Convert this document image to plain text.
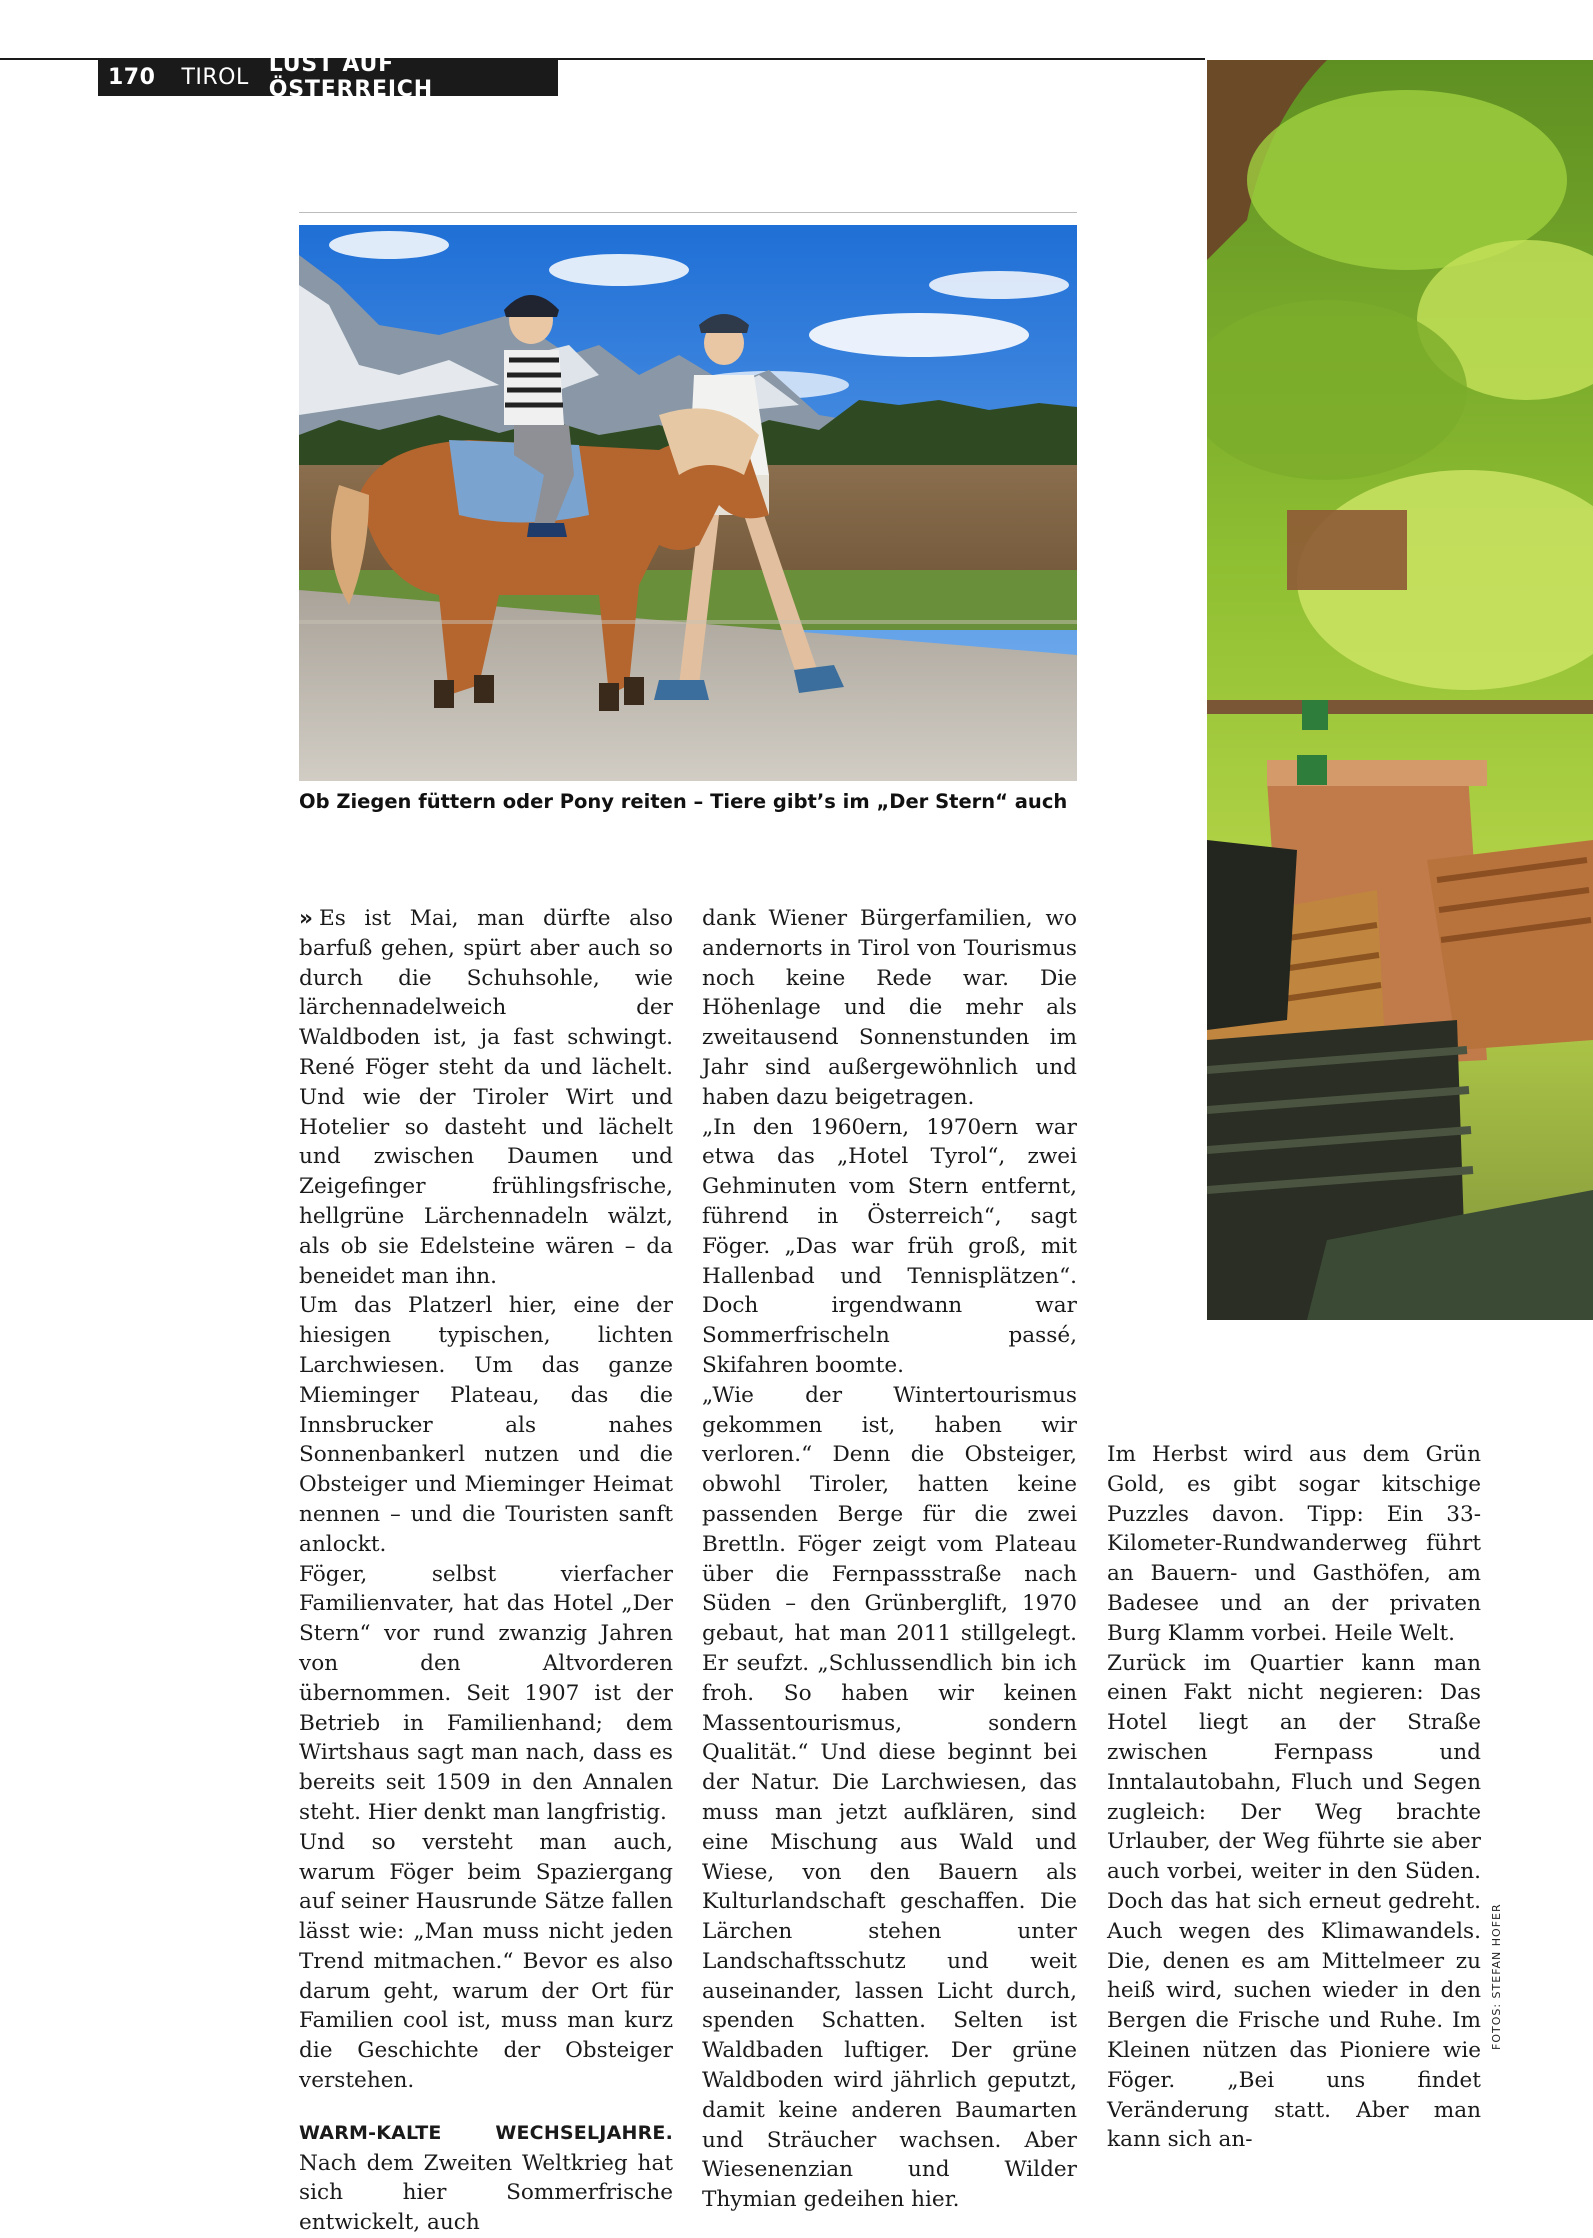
170	TIROL LUST AUF ÖSTERREICH
Ob Ziegen füttern oder Pony reiten – Tiere gibt’s im „Der Stern“ auch

» Es ist Mai, man dürfte also barfuß gehen, spürt aber auch so durch die Schuhsohle, wie lärchennadelweich der Waldboden ist, ja fast schwingt. René Föger steht da und lächelt. Und wie der Tiroler Wirt und Hotelier so dasteht und lächelt und zwischen Daumen und Zeigefinger frühlingsfrische, hellgrüne Lärchennadeln wälzt, als ob sie Edelsteine wären – da beneidet man ihn.

Um das Platzerl hier, eine der hiesigen typischen, lichten Larchwiesen. Um das ganze Mieminger Plateau, das die Innsbrucker als nahes Sonnenbankerl nutzen und die Obsteiger und Mieminger Heimat nennen – und die Touristen sanft anlockt.

Föger, selbst vierfacher Familienvater, hat das Hotel „Der Stern“ vor rund zwanzig Jahren von den Altvorderen übernommen. Seit 1907 ist der Betrieb in Familienhand; dem Wirtshaus sagt man nach, dass es bereits seit 1509 in den Annalen steht. Hier denkt man langfristig.

Und so versteht man auch, warum Föger beim Spaziergang auf seiner Hausrunde Sätze fallen lässt wie: „Man muss nicht jeden Trend mitmachen.“ Bevor es also darum geht, warum der Ort für Familien cool ist, muss man kurz die Geschichte der Obsteiger verstehen.

WARM-KALTE WECHSELJAHRE. Nach dem Zweiten Weltkrieg hat sich hier Sommerfrische entwickelt, auch

dank Wiener Bürgerfamilien, wo andernorts in Tirol von Tourismus noch keine Rede war. Die Höhenlage und die mehr als zweitausend Sonnenstunden im Jahr sind außergewöhnlich und haben dazu beigetragen.

„In den 1960ern, 1970ern war etwa das „Hotel Tyrol“, zwei Gehminuten vom Stern entfernt, führend in Österreich“, sagt Föger. „Das war früh groß, mit Hallenbad und Tennisplätzen“. Doch irgendwann war Sommerfrischeln passé, Skifahren boomte.

„Wie der Wintertourismus gekommen ist, haben wir verloren.“ Denn die Obsteiger, obwohl Tiroler, hatten keine passenden Berge für die zwei Brettln. Föger zeigt vom Plateau über die Fernpassstraße nach Süden – den Grünberglift, 1970 gebaut, hat man 2011 stillgelegt. Er seufzt. „Schlussendlich bin ich froh. So haben wir keinen Massentourismus, sondern Qualität.“ Und diese beginnt bei der Natur. Die Larchwiesen, das muss man jetzt aufklären, sind eine Mischung aus Wald und Wiese, von den Bauern als Kulturlandschaft geschaffen. Die Lärchen stehen unter Landschaftsschutz und weit auseinander, lassen Licht durch, spenden Schatten. Selten ist Waldbaden luftiger. Der grüne Waldboden wird jährlich geputzt, damit keine anderen Baumarten und Sträucher wachsen. Aber Wiesenenzian und Wilder Thymian gedeihen hier.

Im Herbst wird aus dem Grün Gold, es gibt sogar kitschige Puzzles davon. Tipp: Ein 33-Kilometer-Rundwanderweg führt an Bauern- und Gasthöfen, am Badesee und an der privaten Burg Klamm vorbei. Heile Welt.

Zurück im Quartier kann man einen Fakt nicht negieren: Das Hotel liegt an der Straße zwischen Fernpass und Inntalautobahn, Fluch und Segen zugleich: Der Weg brachte Urlauber, der Weg führte sie aber auch vorbei, weiter in den Süden. Doch das hat sich erneut gedreht. Auch wegen des Klimawandels. Die, denen es am Mittelmeer zu heiß wird, suchen wieder in den Bergen die Frische und Ruhe. Im Kleinen nützen das Pioniere wie Föger. „Bei uns findet Veränderung statt. Aber man kann sich an-

FOTOS: STEFAN HOFER
